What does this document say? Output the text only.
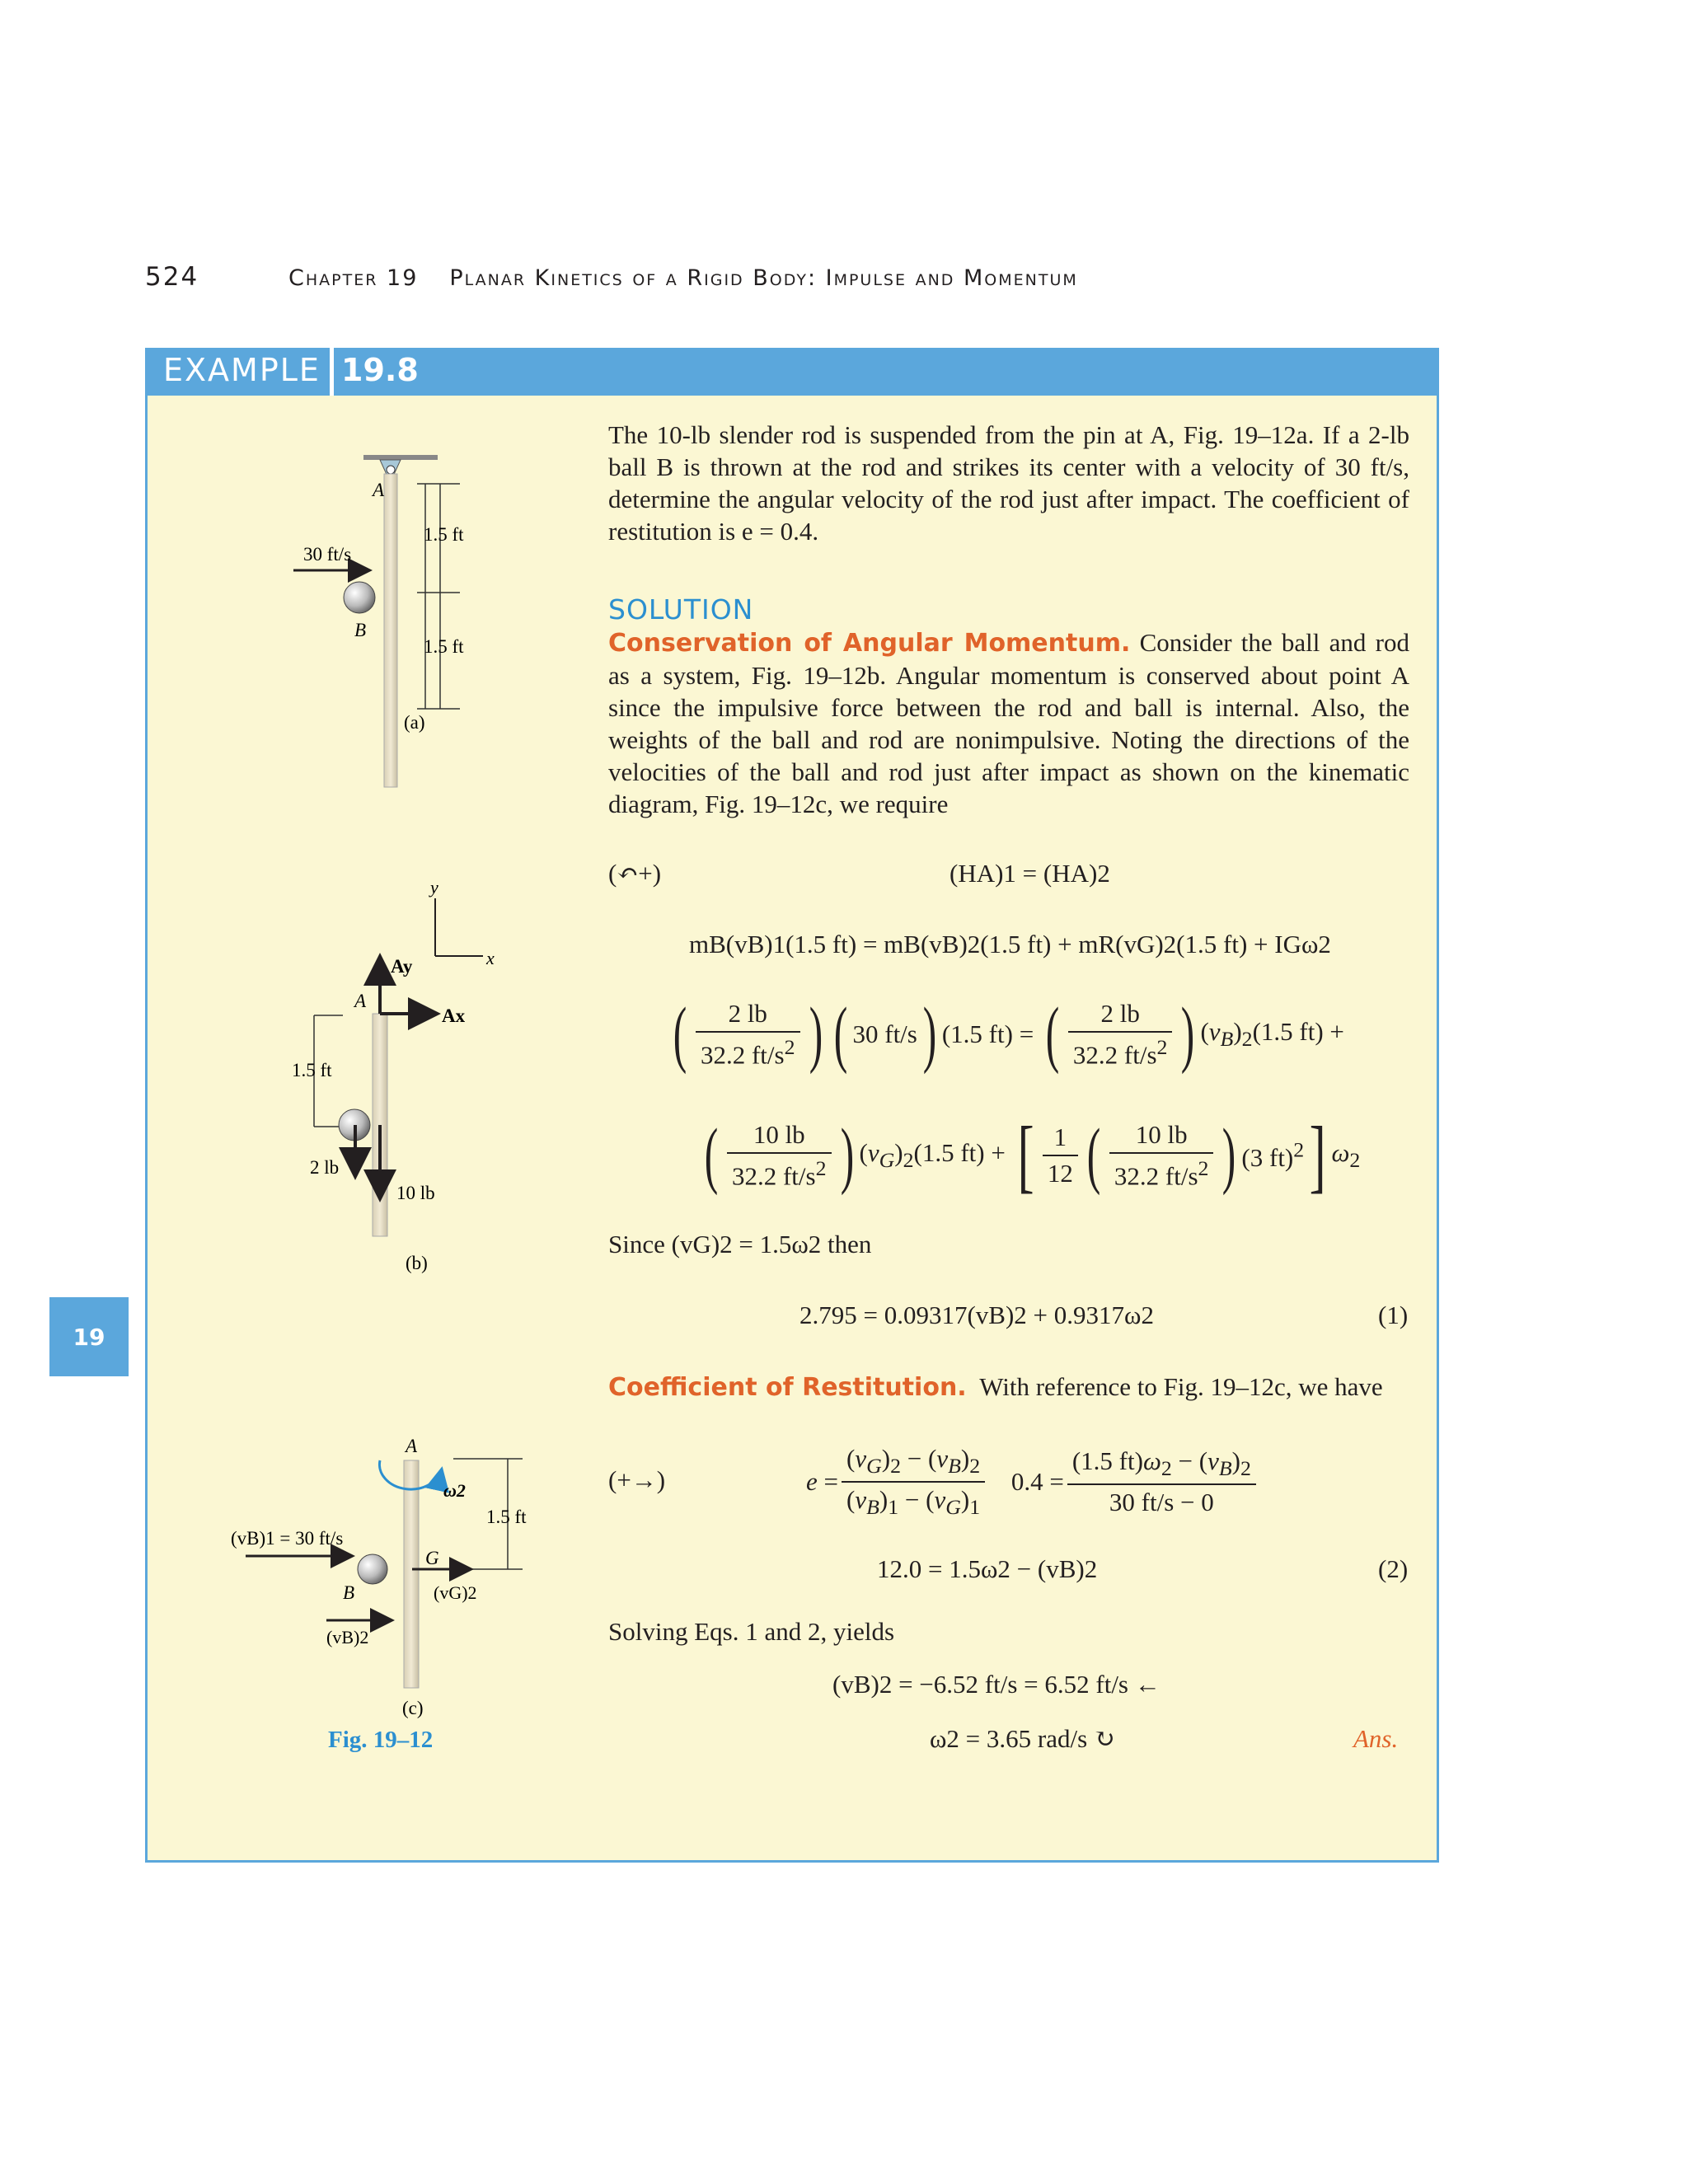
524	Chapter 19 Planar Kinetics of a Rigid Body: Impulse and Momentum
EXAMPLE 19.8
19
The 10-lb slender rod is suspended from the pin at A, Fig. 19–12a. If a 2-lb ball B is thrown at the rod and strikes its center with a velocity of 30 ft/s, determine the angular velocity of the rod just after impact. The coefficient of restitution is e = 0.4.
SOLUTION
Conservation of Angular Momentum. Consider the ball and rod as a system, Fig. 19–12b. Angular momentum is conserved about point A since the impulsive force between the rod and ball is internal. Also, the weights of the ball and rod are nonimpulsive. Noting the directions of the velocities of the ball and rod just after impact as shown on the kinematic diagram, Fig. 19–12c, we require
(↶+)	(HA)1 = (HA)2
mB(vB)1(1.5 ft) = mB(vB)2(1.5 ft) + mR(vG)2(1.5 ft) + IGω2
( $\frac{2 lb}{32.2 ft/s^2}$ ) ( 30 ft/s) (1.5 ft) = ( $\frac{2 lb}{32.2 ft/s^2}$ ) $(v_B)_2(1.5$ ft) +
( $\frac{10 lb}{32.2 ft/s^2}$ ) $(v_G)_2(1.5$ ft) + [ $\frac{1}{12}$ ( $\frac{10 lb}{32.2 ft/s^2}$ ) (3 ft)$^2$] $\omega_2$
Since (vG)2 = 1.5ω2 then
2.795 = 0.09317(vB)2 + 0.9317ω2	(1)
Coefficient of Restitution. With reference to Fig. 19–12c, we have
(+→)	$e = \frac{(v_G)_2 - (v_B)_2}{(v_B)_1 - (v_G)_1} 0.4 = \frac{(1.5 ft)\omega_2 - (v_B)_2}{30 ft/s - 0}$
12.0 = 1.5ω2 − (vB)2	(2)
Solving Eqs. 1 and 2, yields
(vB)2 = −6.52 ft/s = 6.52 ft/s ←
ω2 = 3.65 rad/s ↻	Ans.
30 ft/s
A
B
1.5 ft
1.5 ft
(a)
y
x
Ay
Ax
A
1.5 ft
2 lb
10 lb
(b)
A
ω2
1.5 ft
(vB)1 = 30 ft/s
G
(vG)2
B
(vB)2
(c)
Fig. 19–12
